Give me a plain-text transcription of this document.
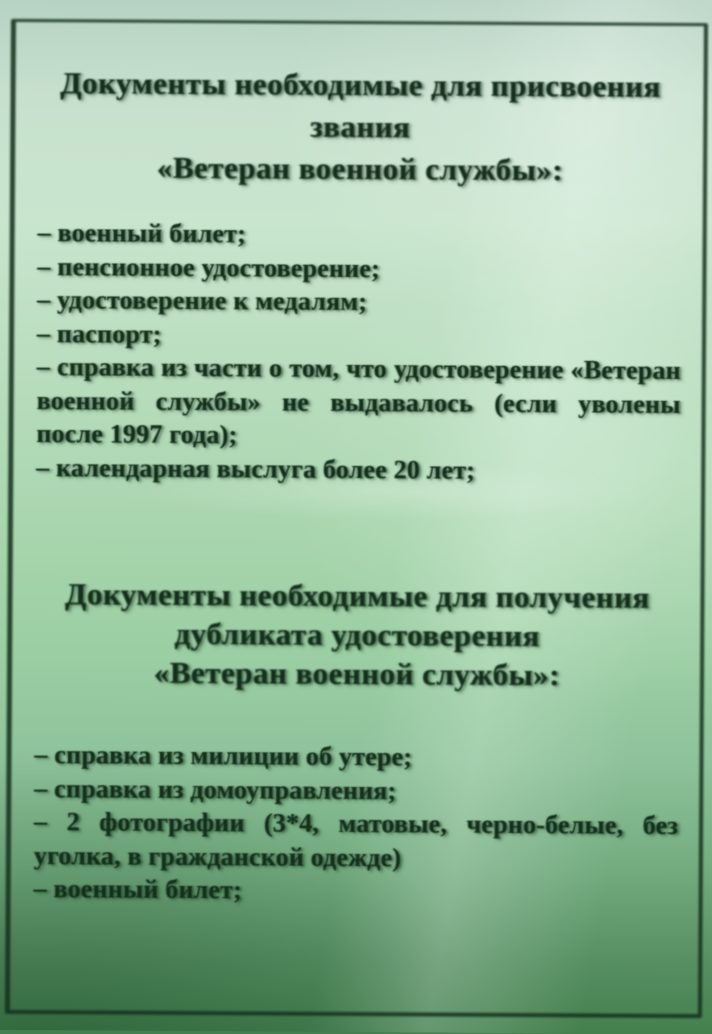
Документы необходимые для присвоения
звания
«Ветеран военной службы»:
– военный билет;
– пенсионное удостоверение;
– удостоверение к медалям;
– паспорт;
– справка из части о том, что удостоверение «Ветеран военной службы» не выдавалось (если уволены после 1997 года);
– календарная выслуга более 20 лет;
Документы необходимые для получения
дубликата удостоверения
«Ветеран военной службы»:
– справка из милиции об утере;
– справка из домоуправления;
– 2 фотографии (3*4, матовые, черно-белые, без уголка, в гражданской одежде)
– военный билет;
